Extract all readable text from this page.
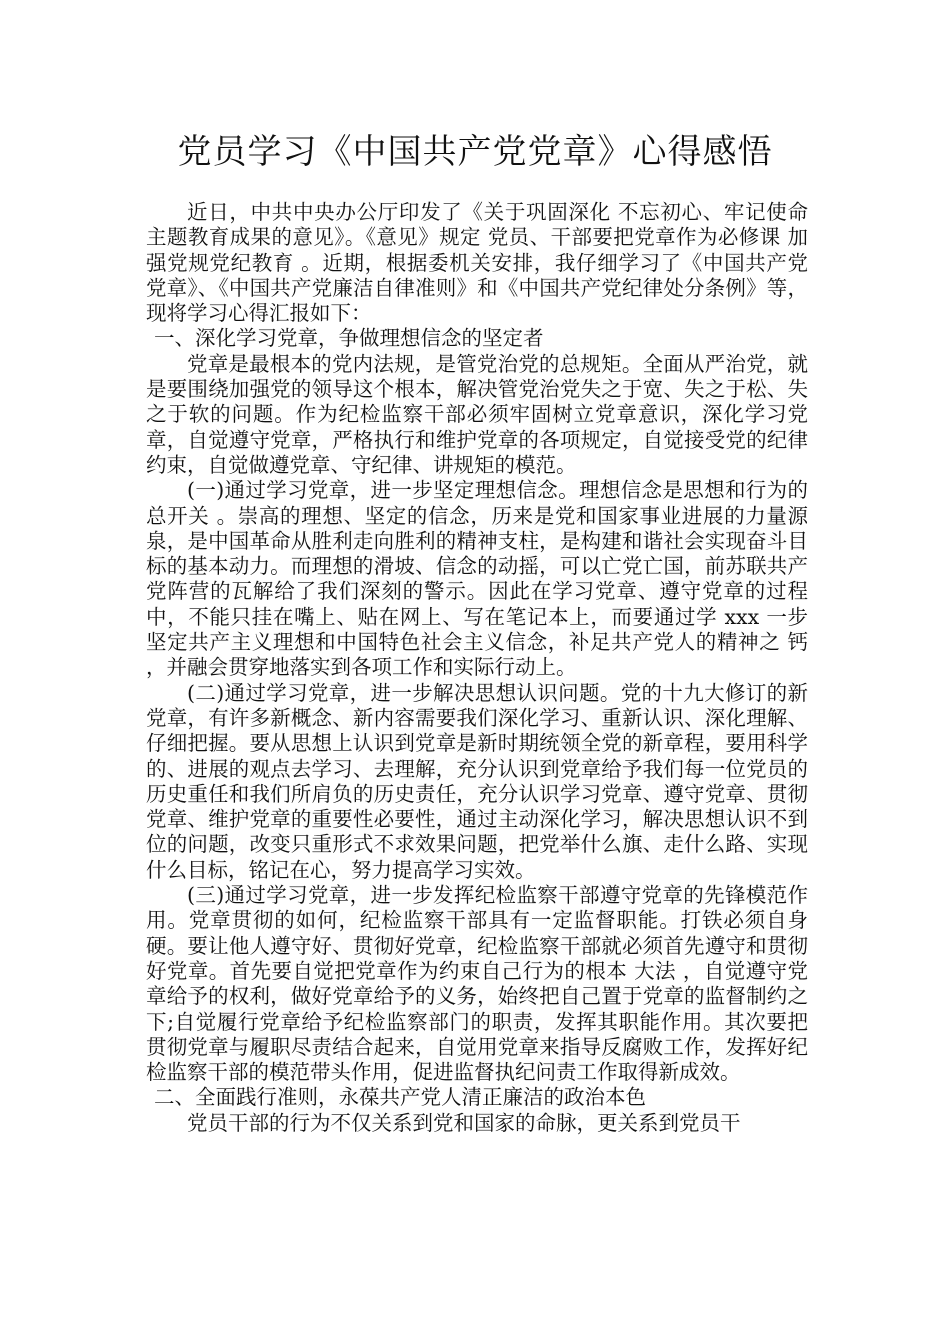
党员学习《中国共产党党章》心得感悟

近日，中共中央办公厅印发了《关于巩固深化 不忘初心、牢记使命 主题教育成果的意见》。《意见》规定 党员、干部要把党章作为必修课 加强党规党纪教育 。近期，根据委机关安排，我仔细学习了《中国共产党党章》、《中国共产党廉洁自律准则》和《中国共产党纪律处分条例》等，现将学习心得汇报如下：

一、深化学习党章，争做理想信念的坚定者

党章是最根本的党内法规，是管党治党的总规矩。全面从严治党，就是要围绕加强党的领导这个根本，解决管党治党失之于宽、失之于松、失之于软的问题。作为纪检监察干部必须牢固树立党章意识，深化学习党章，自觉遵守党章，严格执行和维护党章的各项规定，自觉接受党的纪律约束，自觉做遵党章、守纪律、讲规矩的模范。

(一)通过学习党章，进一步坚定理想信念。理想信念是思想和行为的 总开关 。崇高的理想、坚定的信念，历来是党和国家事业进展的力量源泉，是中国革命从胜利走向胜利的精神支柱，是构建和谐社会实现奋斗目标的基本动力。而理想的滑坡、信念的动摇，可以亡党亡国，前苏联共产党阵营的瓦解给了我们深刻的警示。因此在学习党章、遵守党章的过程中，不能只挂在嘴上、贴在网上、写在笔记本上，而要通过学 xxx 一步坚定共产主义理想和中国特色社会主义信念，补足共产党人的精神之 钙 ，并融会贯穿地落实到各项工作和实际行动上。

(二)通过学习党章，进一步解决思想认识问题。党的十九大修订的新党章，有许多新概念、新内容需要我们深化学习、重新认识、深化理解、仔细把握。要从思想上认识到党章是新时期统领全党的新章程，要用科学的、进展的观点去学习、去理解，充分认识到党章给予我们每一位党员的历史重任和我们所肩负的历史责任，充分认识学习党章、遵守党章、贯彻党章、维护党章的重要性必要性，通过主动深化学习，解决思想认识不到位的问题，改变只重形式不求效果问题，把党举什么旗、走什么路、实现什么目标，铭记在心，努力提高学习实效。

(三)通过学习党章，进一步发挥纪检监察干部遵守党章的先锋模范作用。党章贯彻的如何，纪检监察干部具有一定监督职能。打铁必须自身硬。要让他人遵守好、贯彻好党章，纪检监察干部就必须首先遵守和贯彻好党章。首先要自觉把党章作为约束自己行为的根本 大法 ，自觉遵守党章给予的权利，做好党章给予的义务，始终把自己置于党章的监督制约之下;自觉履行党章给予纪检监察部门的职责，发挥其职能作用。其次要把贯彻党章与履职尽责结合起来，自觉用党章来指导反腐败工作，发挥好纪检监察干部的模范带头作用，促进监督执纪问责工作取得新成效。

二、全面践行准则，永葆共产党人清正廉洁的政治本色

党员干部的行为不仅关系到党和国家的命脉，更关系到党员干
